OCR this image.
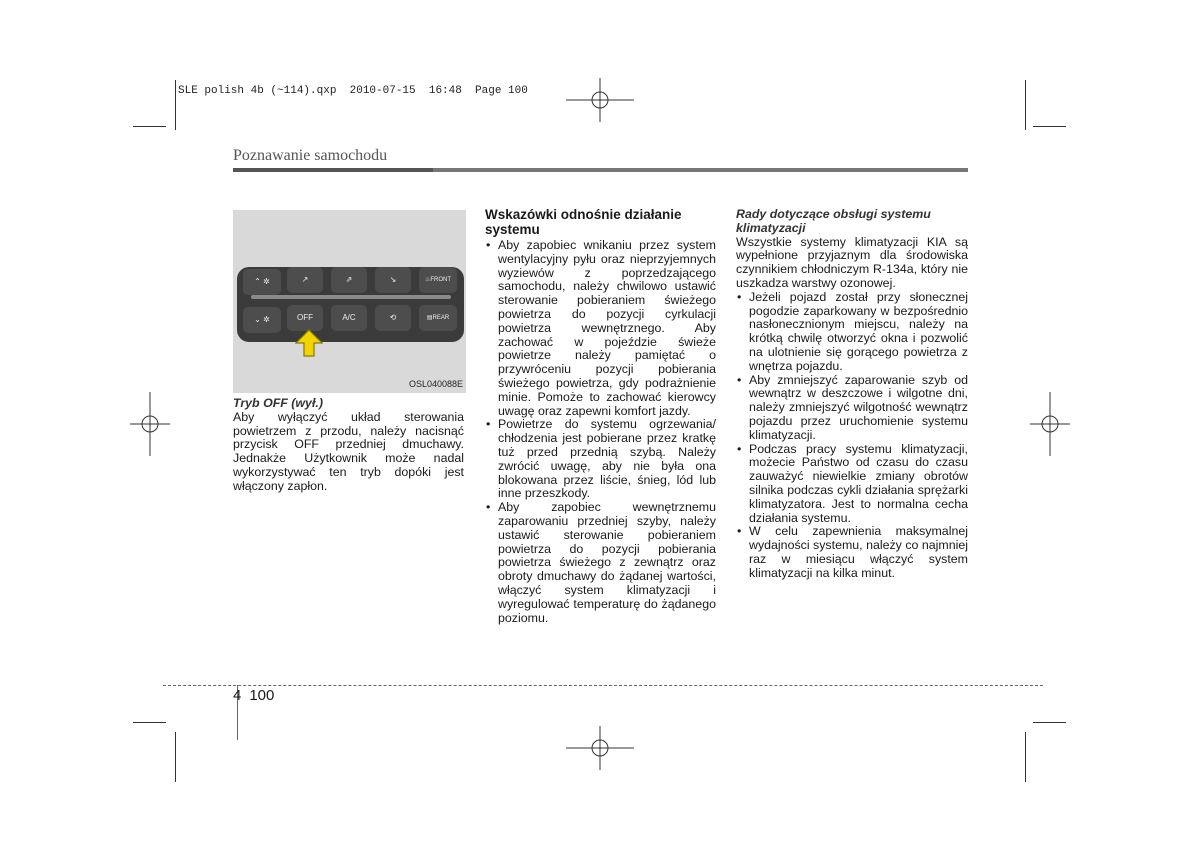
SLE polish 4b (~114).qxp  2010-07-15  16:48  Page 100
Poznawanie samochodu
⌃ ✲
⌄ ✲
↗	⇗	↘	♨FRONT
OFF	A/C	⟲	▤REAR
OSL040088E
Tryb OFF (wył.)

Aby wyłączyć układ sterowania powietrzem z przodu, należy nacisnąć przycisk OFF przedniej dmuchawy. Jednakże Użytkownik może nadal wykorzystywać ten tryb dopóki jest włączony zapłon.

Wskazówki odnośnie działanie systemu
• Aby zapobiec wnikaniu przez system wentylacyjny pyłu oraz nieprzyjemnych wyziewów z poprzedzającego samochodu, należy chwilowo ustawić sterowanie pobieraniem świeżego powietrza do pozycji cyrkulacji powietrza wewnętrznego. Aby zachować w pojeździe świeże powietrze należy pamiętać o przywróceniu pozycji pobierania świeżego powietrza, gdy podrażnienie minie. Pomoże to zachować kierowcy uwagę oraz zapewni komfort jazdy.
• Powietrze do systemu ogrzewania/ chłodzenia jest pobierane przez kratkę tuż przed przednią szybą. Należy zwrócić uwagę, aby nie była ona blokowana przez liście, śnieg, lód lub inne przeszkody.
• Aby zapobiec wewnętrznemu zaparowaniu przedniej szyby, należy ustawić sterowanie pobieraniem powietrza do pozycji pobierania powietrza świeżego z zewnątrz oraz obroty dmuchawy do żądanej wartości, włączyć system klimatyzacji i wyregulować temperaturę do żądanego poziomu.
Rady dotyczące obsługi systemu klimatyzacji

Wszystkie systemy klimatyzacji KIA są wypełnione przyjaznym dla środowiska czynnikiem chłodniczym R-134a, który nie uszkadza warstwy ozonowej.

• Jeżeli pojazd został przy słonecznej pogodzie zaparkowany w bezpośrednio nasłonecznionym miejscu, należy na krótką chwilę otworzyć okna i pozwolić na ulotnienie się gorącego powietrza z wnętrza pojazdu.
• Aby zmniejszyć zaparowanie szyb od wewnątrz w deszczowe i wilgotne dni, należy zmniejszyć wilgotność wewnątrz pojazdu przez uruchomienie systemu klimatyzacji.
• Podczas pracy systemu klimatyzacji, możecie Państwo od czasu do czasu zauważyć niewielkie zmiany obrotów silnika podczas cykli działania sprężarki klimatyzatora. Jest to normalna cecha działania systemu.
• W celu zapewnienia maksymalnej wydajności systemu, należy co najmniej raz w miesiącu włączyć system klimatyzacji na kilka minut.
4 100
